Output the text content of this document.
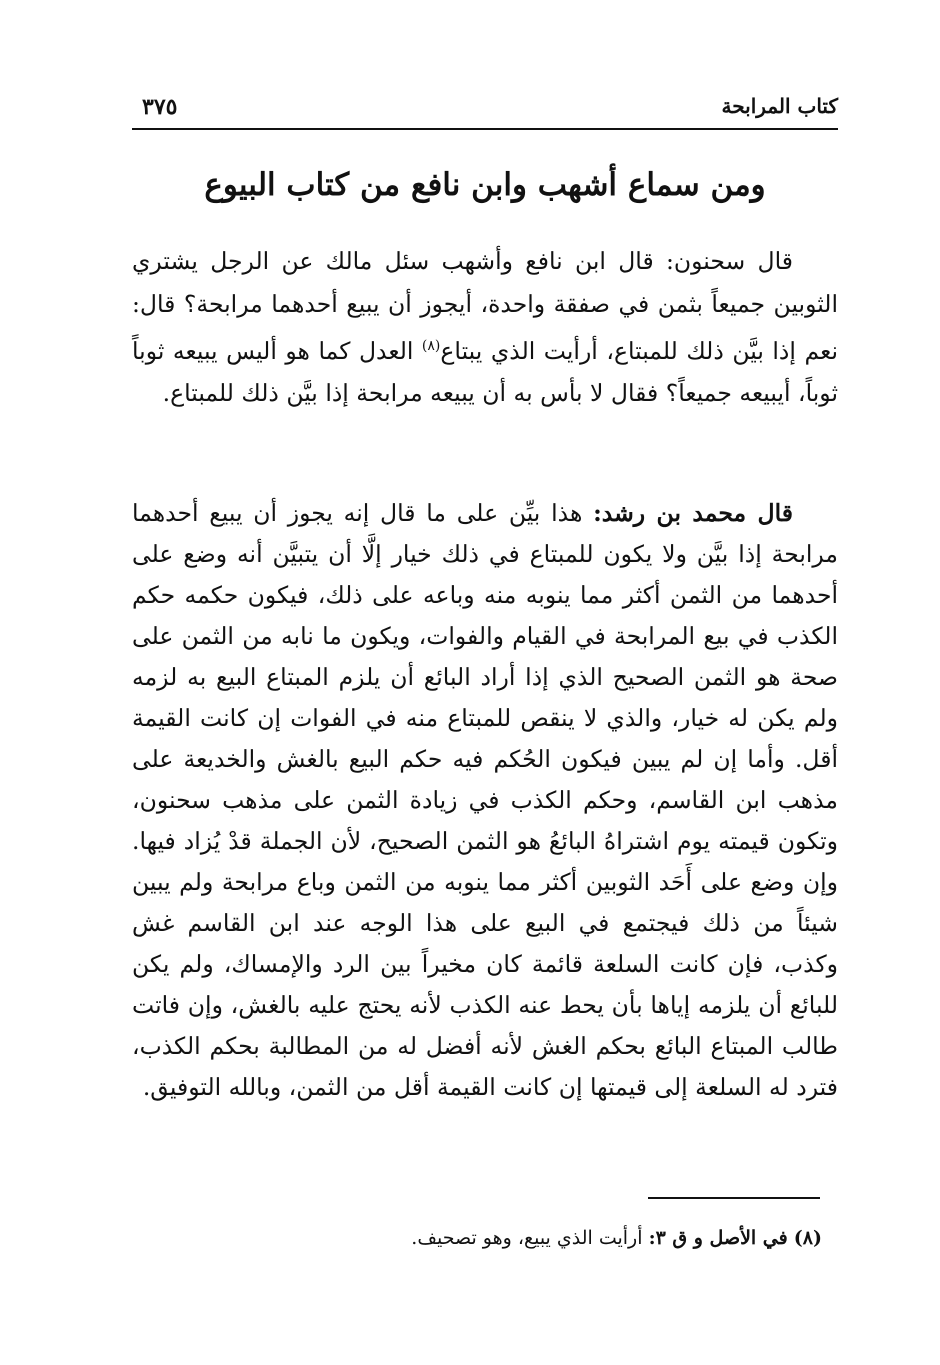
كتاب المرابحة
٣٧٥
ومن سماع أشهب وابن نافع من كتاب البيوع

قال سحنون: قال ابن نافع وأشهب سئل مالك عن الرجل يشتري الثوبين جميعاً بثمن في صفقة واحدة، أيجوز أن يبيع أحدهما مرابحة؟ قال: نعم إذا بيَّن ذلك للمبتاع، أرأيت الذي يبتاع$^{(٨)}$ العدل كما هو أليس يبيعه ثوباً ثوباً، أيبيعه جميعاً؟ فقال لا بأس به أن يبيعه مرابحة إذا بيَّن ذلك للمبتاع.

قال محمد بن رشد: هذا بيِّن على ما قال إنه يجوز أن يبيع أحدهما مرابحة إذا بيَّن ولا يكون للمبتاع في ذلك خيار إلَّا أن يتبيَّن أنه وضع على أحدهما من الثمن أكثر مما ينوبه منه وباعه على ذلك، فيكون حكمه حكم الكذب في بيع المرابحة في القيام والفوات، ويكون ما نابه من الثمن على صحة هو الثمن الصحيح الذي إذا أراد البائع أن يلزم المبتاع البيع به لزمه ولم يكن له خيار، والذي لا ينقص للمبتاع منه في الفوات إن كانت القيمة أقل. وأما إن لم يبين فيكون الحُكم فيه حكم البيع بالغش والخديعة على مذهب ابن القاسم، وحكم الكذب في زيادة الثمن على مذهب سحنون، وتكون قيمته يوم اشتراهُ البائعُ هو الثمن الصحيح، لأن الجملة قدْ يُزاد فيها. وإن وضع على أَحَد الثوبين أكثر مما ينوبه من الثمن وباع مرابحة ولم يبين شيئاً من ذلك فيجتمع في البيع على هذا الوجه عند ابن القاسم غش وكذب، فإن كانت السلعة قائمة كان مخيراً بين الرد والإمساك، ولم يكن للبائع أن يلزمه إياها بأن يحط عنه الكذب لأنه يحتج عليه بالغش، وإن فاتت طالب المبتاع البائع بحكم الغش لأنه أفضل له من المطالبة بحكم الكذب، فترد له السلعة إلى قيمتها إن كانت القيمة أقل من الثمن، وبالله التوفيق.

(٨) في الأصل و ق ٣: أرأيت الذي يبيع، وهو تصحيف.
